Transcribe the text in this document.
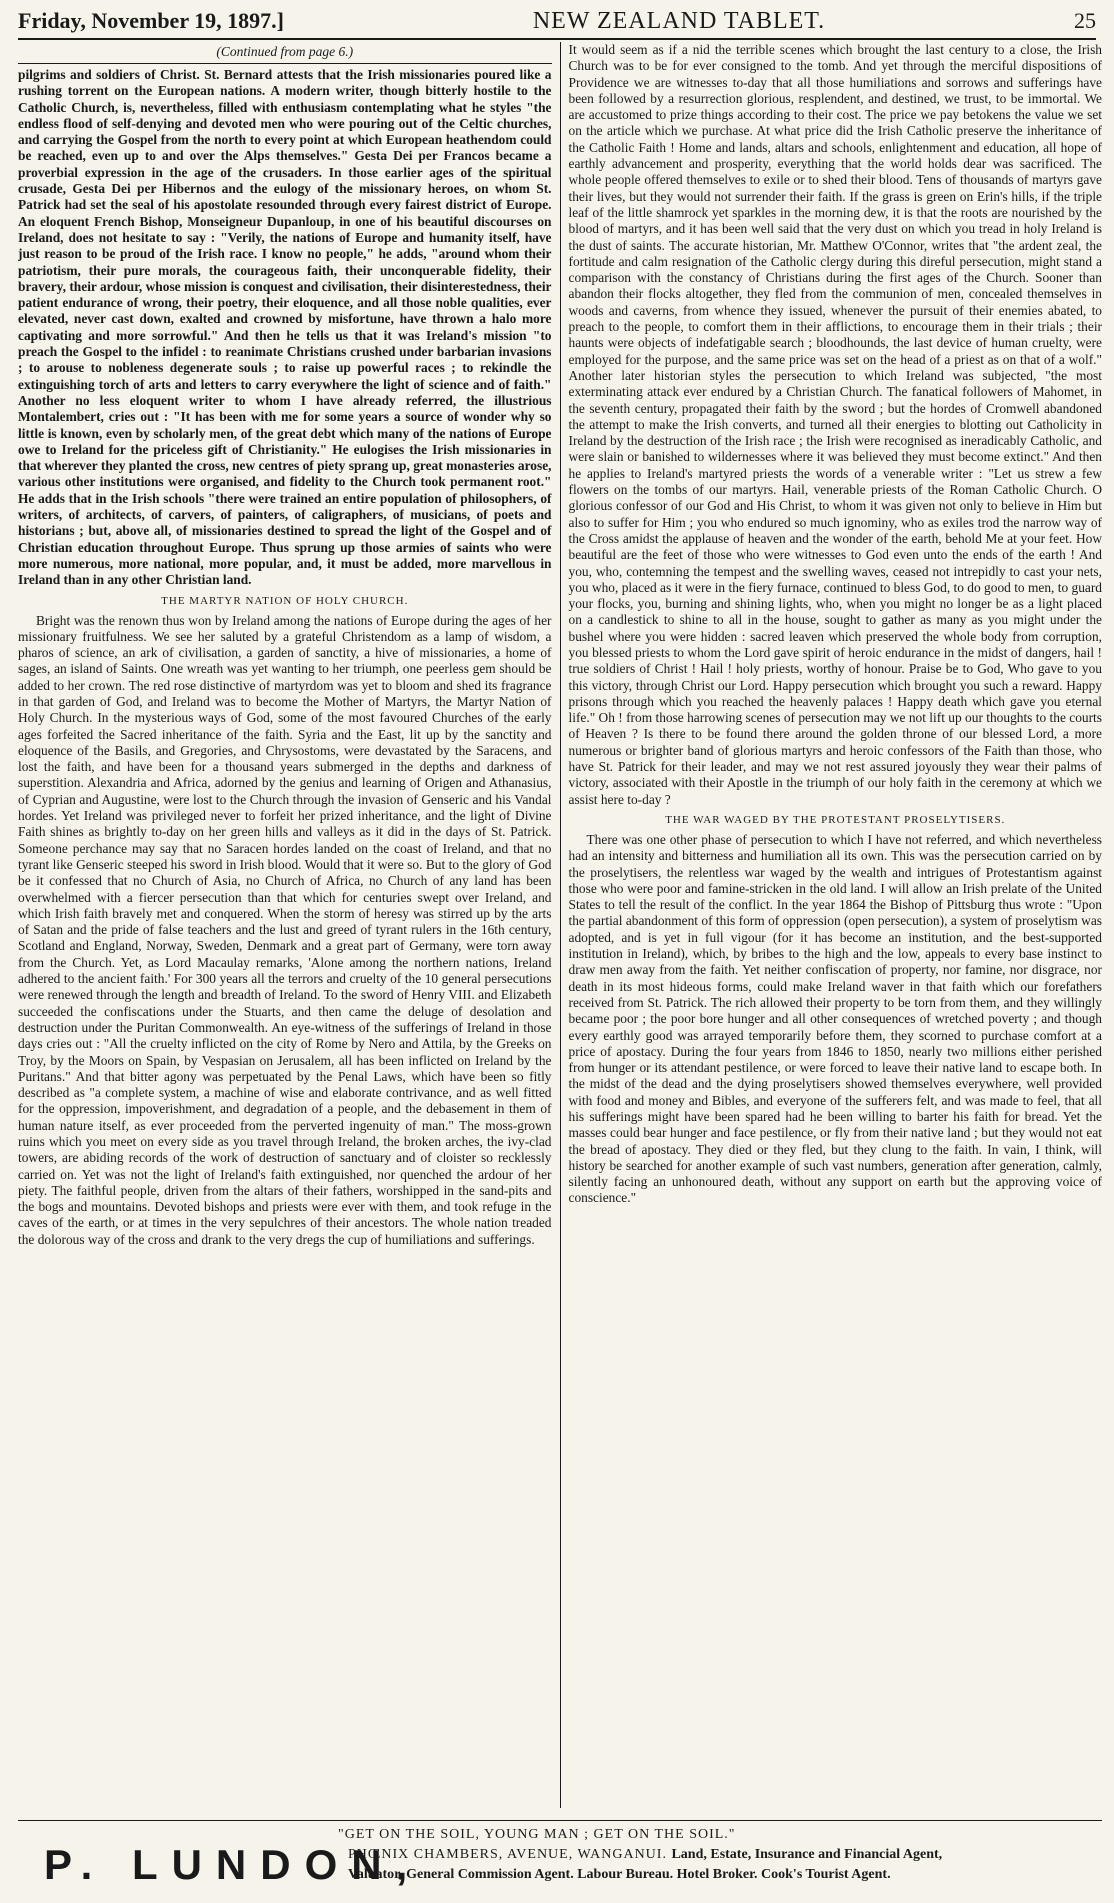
Friday, November 19, 1897.]	NEW ZEALAND TABLET.	25
(Continued from page 6.)

pilgrims and soldiers of Christ. St. Bernard attests that the Irish missionaries poured like a rushing torrent on the European nations. A modern writer, though bitterly hostile to the Catholic Church, is, nevertheless, filled with enthusiasm contemplating what he styles "the endless flood of self-denying and devoted men who were pouring out of the Celtic churches, and carrying the Gospel from the north to every point at which European heathendom could be reached, even up to and over the Alps themselves." Gesta Dei per Francos became a proverbial expression in the age of the crusaders. In those earlier ages of the spiritual crusade, Gesta Dei per Hibernos and the eulogy of the missionary heroes, on whom St. Patrick had set the seal of his apostolate resounded through every fairest district of Europe. An eloquent French Bishop, Monseigneur Dupanloup, in one of his beautiful discourses on Ireland, does not hesitate to say : "Verily, the nations of Europe and humanity itself, have just reason to be proud of the Irish race. I know no people," he adds, "around whom their patriotism, their pure morals, the courageous faith, their unconquerable fidelity, their bravery, their ardour, whose mission is conquest and civilisation, their disinterestedness, their patient endurance of wrong, their poetry, their eloquence, and all those noble qualities, ever elevated, never cast down, exalted and crowned by misfortune, have thrown a halo more captivating and more sorrowful." And then he tells us that it was Ireland's mission "to preach the Gospel to the infidel : to reanimate Christians crushed under barbarian invasions ; to arouse to nobleness degenerate souls ; to raise up powerful races ; to rekindle the extinguishing torch of arts and letters to carry everywhere the light of science and of faith." Another no less eloquent writer to whom I have already referred, the illustrious Montalembert, cries out : "It has been with me for some years a source of wonder why so little is known, even by scholarly men, of the great debt which many of the nations of Europe owe to Ireland for the priceless gift of Christianity." He eulogises the Irish missionaries in that wherever they planted the cross, new centres of piety sprang up, great monasteries arose, various other institutions were organised, and fidelity to the Church took permanent root." He adds that in the Irish schools "there were trained an entire population of philosophers, of writers, of architects, of carvers, of painters, of caligraphers, of musicians, of poets and historians ; but, above all, of missionaries destined to spread the light of the Gospel and of Christian education throughout Europe. Thus sprung up those armies of saints who were more numerous, more national, more popular, and, it must be added, more marvellous in Ireland than in any other Christian land.

THE MARTYR NATION OF HOLY CHURCH.

Bright was the renown thus won by Ireland among the nations of Europe during the ages of her missionary fruitfulness. We see her saluted by a grateful Christendom as a lamp of wisdom, a pharos of science, an ark of civilisation, a garden of sanctity, a hive of missionaries, a home of sages, an island of Saints. One wreath was yet wanting to her triumph, one peerless gem should be added to her crown. The red rose distinctive of martyrdom was yet to bloom and shed its fragrance in that garden of God, and Ireland was to become the Mother of Martyrs, the Martyr Nation of Holy Church. In the mysterious ways of God, some of the most favoured Churches of the early ages forfeited the Sacred inheritance of the faith. Syria and the East, lit up by the sanctity and eloquence of the Basils, and Gregories, and Chrysostoms, were devastated by the Saracens, and lost the faith, and have been for a thousand years submerged in the depths and darkness of superstition. Alexandria and Africa, adorned by the genius and learning of Origen and Athanasius, of Cyprian and Augustine, were lost to the Church through the invasion of Genseric and his Vandal hordes. Yet Ireland was privileged never to forfeit her prized inheritance, and the light of Divine Faith shines as brightly to-day on her green hills and valleys as it did in the days of St. Patrick. Someone perchance may say that no Saracen hordes landed on the coast of Ireland, and that no tyrant like Genseric steeped his sword in Irish blood. Would that it were so. But to the glory of God be it confessed that no Church of Asia, no Church of Africa, no Church of any land has been overwhelmed with a fiercer persecution than that which for centuries swept over Ireland, and which Irish faith bravely met and conquered. When the storm of heresy was stirred up by the arts of Satan and the pride of false teachers and the lust and greed of tyrant rulers in the 16th century, Scotland and England, Norway, Sweden, Denmark and a great part of Germany, were torn away from the Church. Yet, as Lord Macaulay remarks, 'Alone among the northern nations, Ireland adhered to the ancient faith.' For 300 years all the terrors and cruelty of the 10 general persecutions were renewed through the length and breadth of Ireland. To the sword of Henry VIII. and Elizabeth succeeded the confiscations under the Stuarts, and then came the deluge of desolation and destruction under the Puritan Commonwealth. An eye-witness of the sufferings of Ireland in those days cries out : "All the cruelty inflicted on the city of Rome by Nero and Attila, by the Greeks on Troy, by the Moors on Spain, by Vespasian on Jerusalem, all has been inflicted on Ireland by the Puritans." And that bitter agony was perpetuated by the Penal Laws, which have been so fitly described as "a complete system, a machine of wise and elaborate contrivance, and as well fitted for the oppression, impoverishment, and degradation of a people, and the debasement in them of human nature itself, as ever proceeded from the perverted ingenuity of man." The moss-grown ruins which you meet on every side as you travel through Ireland, the broken arches, the ivy-clad towers, are abiding records of the work of destruction of sanctuary and of cloister so recklessly carried on. Yet was not the light of Ireland's faith extinguished, nor quenched the ardour of her piety. The faithful people, driven from the altars of their fathers, worshipped in the sand-pits and the bogs and mountains. Devoted bishops and priests were ever with them, and took refuge in the caves of the earth, or at times in the very sepulchres of their ancestors. The whole nation treaded the dolorous way of the cross and drank to the very dregs the cup of humiliations and sufferings.

It would seem as if a nid the terrible scenes which brought the last century to a close, the Irish Church was to be for ever consigned to the tomb. And yet through the merciful dispositions of Providence we are witnesses to-day that all those humiliations and sorrows and sufferings have been followed by a resurrection glorious, resplendent, and destined, we trust, to be immortal. We are accustomed to prize things according to their cost. The price we pay betokens the value we set on the article which we purchase. At what price did the Irish Catholic preserve the inheritance of the Catholic Faith ! Home and lands, altars and schools, enlightenment and education, all hope of earthly advancement and prosperity, everything that the world holds dear was sacrificed. The whole people offered themselves to exile or to shed their blood. Tens of thousands of martyrs gave their lives, but they would not surrender their faith. If the grass is green on Erin's hills, if the triple leaf of the little shamrock yet sparkles in the morning dew, it is that the roots are nourished by the blood of martyrs, and it has been well said that the very dust on which you tread in holy Ireland is the dust of saints. The accurate historian, Mr. Matthew O'Connor, writes that "the ardent zeal, the fortitude and calm resignation of the Catholic clergy during this direful persecution, might stand a comparison with the constancy of Christians during the first ages of the Church. Sooner than abandon their flocks altogether, they fled from the communion of men, concealed themselves in woods and caverns, from whence they issued, whenever the pursuit of their enemies abated, to preach to the people, to comfort them in their afflictions, to encourage them in their trials ; their haunts were objects of indefatigable search ; bloodhounds, the last device of human cruelty, were employed for the purpose, and the same price was set on the head of a priest as on that of a wolf." Another later historian styles the persecution to which Ireland was subjected, "the most exterminating attack ever endured by a Christian Church. The fanatical followers of Mahomet, in the seventh century, propagated their faith by the sword ; but the hordes of Cromwell abandoned the attempt to make the Irish converts, and turned all their energies to blotting out Catholicity in Ireland by the destruction of the Irish race ; the Irish were recognised as ineradicably Catholic, and were slain or banished to wildernesses where it was believed they must become extinct." And then he applies to Ireland's martyred priests the words of a venerable writer : "Let us strew a few flowers on the tombs of our martyrs. Hail, venerable priests of the Roman Catholic Church. O glorious confessor of our God and His Christ, to whom it was given not only to believe in Him but also to suffer for Him ; you who endured so much ignominy, who as exiles trod the narrow way of the Cross amidst the applause of heaven and the wonder of the earth, behold Me at your feet. How beautiful are the feet of those who were witnesses to God even unto the ends of the earth ! And you, who, contemning the tempest and the swelling waves, ceased not intrepidly to cast your nets, you who, placed as it were in the fiery furnace, continued to bless God, to do good to men, to guard your flocks, you, burning and shining lights, who, when you might no longer be as a light placed on a candlestick to shine to all in the house, sought to gather as many as you might under the bushel where you were hidden : sacred leaven which preserved the whole body from corruption, you blessed priests to whom the Lord gave spirit of heroic endurance in the midst of dangers, hail ! true soldiers of Christ ! Hail ! holy priests, worthy of honour. Praise be to God, Who gave to you this victory, through Christ our Lord. Happy persecution which brought you such a reward. Happy prisons through which you reached the heavenly palaces ! Happy death which gave you eternal life." Oh ! from those harrowing scenes of persecution may we not lift up our thoughts to the courts of Heaven ? Is there to be found there around the golden throne of our blessed Lord, a more numerous or brighter band of glorious martyrs and heroic confessors of the Faith than those, who have St. Patrick for their leader, and may we not rest assured joyously they wear their palms of victory, associated with their Apostle in the triumph of our holy faith in the ceremony at which we assist here to-day ?

THE WAR WAGED BY THE PROTESTANT PROSELYTISERS.

There was one other phase of persecution to which I have not referred, and which nevertheless had an intensity and bitterness and humiliation all its own. This was the persecution carried on by the proselytisers, the relentless war waged by the wealth and intrigues of Protestantism against those who were poor and famine-stricken in the old land. I will allow an Irish prelate of the United States to tell the result of the conflict. In the year 1864 the Bishop of Pittsburg thus wrote : "Upon the partial abandonment of this form of oppression (open persecution), a system of proselytism was adopted, and is yet in full vigour (for it has become an institution, and the best-supported institution in Ireland), which, by bribes to the high and the low, appeals to every base instinct to draw men away from the faith. Yet neither confiscation of property, nor famine, nor disgrace, nor death in its most hideous forms, could make Ireland waver in that faith which our forefathers received from St. Patrick. The rich allowed their property to be torn from them, and they willingly became poor ; the poor bore hunger and all other consequences of wretched poverty ; and though every earthly good was arrayed temporarily before them, they scorned to purchase comfort at a price of apostacy. During the four years from 1846 to 1850, nearly two millions either perished from hunger or its attendant pestilence, or were forced to leave their native land to escape both. In the midst of the dead and the dying proselytisers showed themselves everywhere, well provided with food and money and Bibles, and everyone of the sufferers felt, and was made to feel, that all his sufferings might have been spared had he been willing to barter his faith for bread. Yet the masses could bear hunger and face pestilence, or fly from their native land ; but they would not eat the bread of apostacy. They died or they fled, but they clung to the faith. In vain, I think, will history be searched for another example of such vast numbers, generation after generation, calmly, silently facing an unhonoured death, without any support on earth but the approving voice of conscience."

"GET ON THE SOIL, YOUNG MAN ; GET ON THE SOIL."
P. LUNDON,
PHŒNIX CHAMBERS, AVENUE, WANGANUI. Land, Estate, Insurance and Financial Agent,
Valuator, General Commission Agent. Labour Bureau. Hotel Broker. Cook's Tourist Agent.
